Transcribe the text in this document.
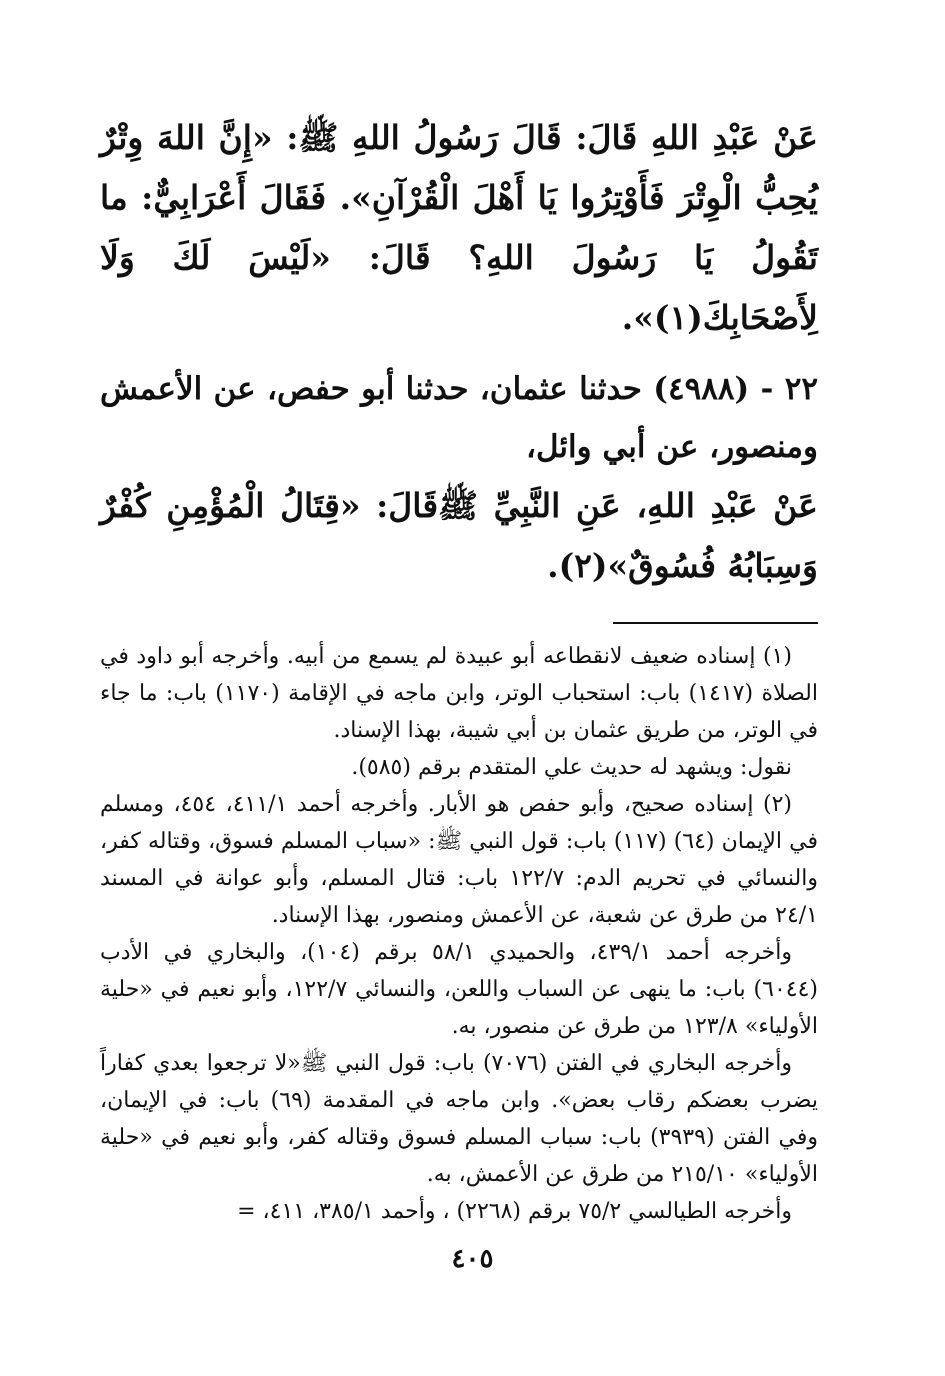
عَنْ عَبْدِ اللهِ قَالَ: قَالَ رَسُولُ اللهِ ﷺ: «إِنَّ اللهَ وِتْرٌ يُحِبُّ الْوِتْرَ فَأَوْتِرُوا يَا أَهْلَ الْقُرْآنِ». فَقَالَ أَعْرَابِيٌّ: ما تَقُولُ يَا رَسُولَ اللهِ؟ قَالَ: «لَيْسَ لَكَ وَلَا لِأَصْحَابِكَ(١)».

٢٢ - (٤٩٨٨) حدثنا عثمان، حدثنا أبو حفص، عن الأعمش ومنصور، عن أبي وائل،

عَنْ عَبْدِ اللهِ، عَنِ النَّبِيِّ ﷺقَالَ: «قِتَالُ الْمُؤْمِنِ كُفْرٌ وَسِبَابُهُ فُسُوقٌ»(٢).

(١) إسناده ضعيف لانقطاعه أبو عبيدة لم يسمع من أبيه. وأخرجه أبو داود في الصلاة (١٤١٧) باب: استحباب الوتر، وابن ماجه في الإقامة (١١٧٠) باب: ما جاء في الوتر، من طريق عثمان بن أبي شيبة، بهذا الإسناد.

نقول: ويشهد له حديث علي المتقدم برقم (٥٨٥).

(٢) إسناده صحيح، وأبو حفص هو الأبار. وأخرجه أحمد ٤١١/١، ٤٥٤، ومسلم في الإيمان (٦٤) (١١٧) باب: قول النبي ﷺ: «سباب المسلم فسوق، وقتاله كفر، والنسائي في تحريم الدم: ١٢٢/٧ باب: قتال المسلم، وأبو عوانة في المسند ٢٤/١ من طرق عن شعبة، عن الأعمش ومنصور، بهذا الإسناد.

وأخرجه أحمد ٤٣٩/١، والحميدي ٥٨/١ برقم (١٠٤)، والبخاري في الأدب (٦٠٤٤) باب: ما ينهى عن السباب واللعن، والنسائي ١٢٢/٧، وأبو نعيم في «حلية الأولياء» ١٢٣/٨ من طرق عن منصور، به.

وأخرجه البخاري في الفتن (٧٠٧٦) باب: قول النبي ﷺ«لا ترجعوا بعدي كفاراً يضرب بعضكم رقاب بعض». وابن ماجه في المقدمة (٦٩) باب: في الإيمان، وفي الفتن (٣٩٣٩) باب: سباب المسلم فسوق وقتاله كفر، وأبو نعيم في «حلية الأولياء» ٢١٥/١٠ من طرق عن الأعمش، به.

وأخرجه الطيالسي ٧٥/٢ برقم (٢٢٦٨) ، وأحمد ٣٨٥/١، ٤١١، =

٤٠٥
